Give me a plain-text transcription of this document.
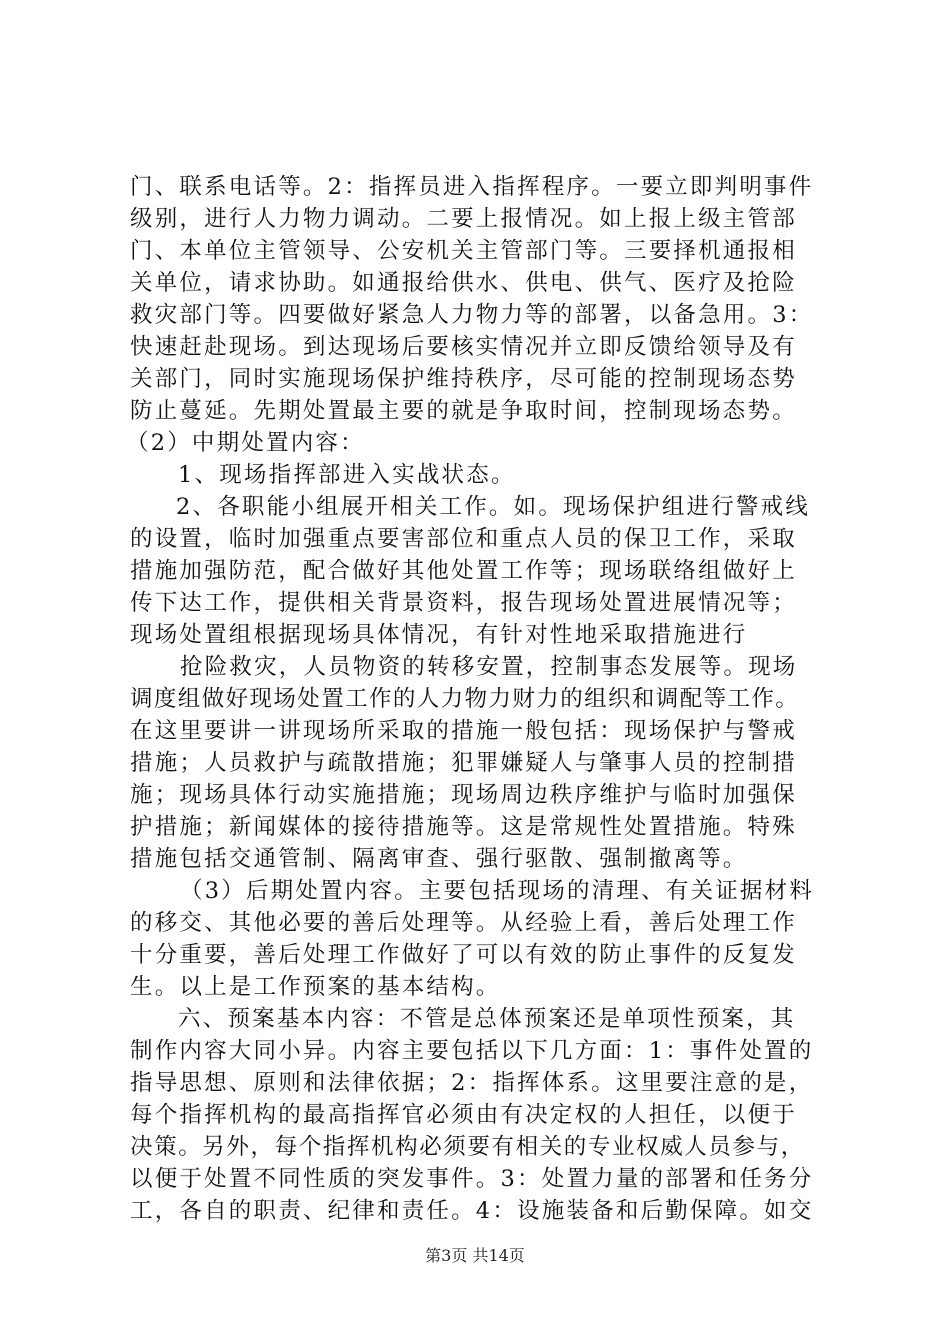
门、联系电话等。2：指挥员进入指挥程序。一要立即判明事件
级别，进行人力物力调动。二要上报情况。如上报上级主管部
门、本单位主管领导、公安机关主管部门等。三要择机通报相
关单位，请求协助。如通报给供水、供电、供气、医疗及抢险
救灾部门等。四要做好紧急人力物力等的部署，以备急用。3：
快速赶赴现场。到达现场后要核实情况并立即反馈给领导及有
关部门，同时实施现场保护维持秩序，尽可能的控制现场态势
防止蔓延。先期处置最主要的就是争取时间，控制现场态势。
（2）中期处置内容：
1、现场指挥部进入实战状态。
2、各职能小组展开相关工作。如。现场保护组进行警戒线
的设置，临时加强重点要害部位和重点人员的保卫工作，采取
措施加强防范，配合做好其他处置工作等；现场联络组做好上
传下达工作，提供相关背景资料，报告现场处置进展情况等；
现场处置组根据现场具体情况，有针对性地采取措施进行
抢险救灾，人员物资的转移安置，控制事态发展等。现场
调度组做好现场处置工作的人力物力财力的组织和调配等工作。
在这里要讲一讲现场所采取的措施一般包括：现场保护与警戒
措施；人员救护与疏散措施；犯罪嫌疑人与肇事人员的控制措
施；现场具体行动实施措施；现场周边秩序维护与临时加强保
护措施；新闻媒体的接待措施等。这是常规性处置措施。特殊
措施包括交通管制、隔离审查、强行驱散、强制撤离等。
（3）后期处置内容。主要包括现场的清理、有关证据材料
的移交、其他必要的善后处理等。从经验上看，善后处理工作
十分重要，善后处理工作做好了可以有效的防止事件的反复发
生。以上是工作预案的基本结构。
六、预案基本内容：不管是总体预案还是单项性预案，其
制作内容大同小异。内容主要包括以下几方面：1：事件处置的
指导思想、原则和法律依据；2：指挥体系。这里要注意的是，
每个指挥机构的最高指挥官必须由有决定权的人担任，以便于
决策。另外，每个指挥机构必须要有相关的专业权威人员参与，
以便于处置不同性质的突发事件。3：处置力量的部署和任务分
工，各自的职责、纪律和责任。4：设施装备和后勤保障。如交
第3页 共14页
